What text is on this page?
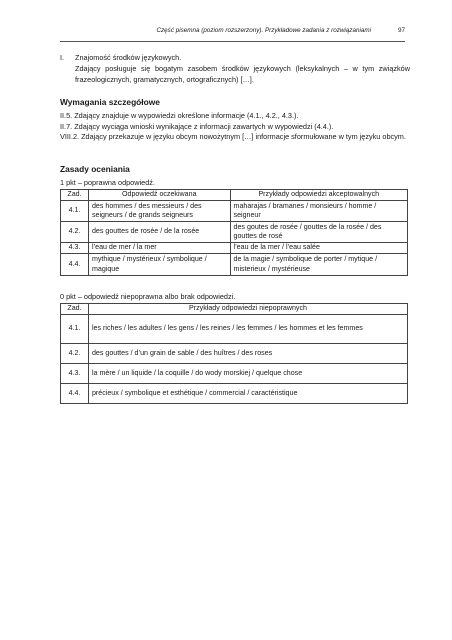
Część pisemna (poziom rozszerzony). Przykładowe zadania z rozwiązaniami	97
I. Znajomość środków językowych.
Zdający posługuje się bogatym zasobem środków językowych (leksykalnych – w tym związków frazeologicznych, gramatycznych, ortograficznych) […].
Wymagania szczegółowe
II.5. Zdający znajduje w wypowiedzi określone informacje (4.1., 4.2., 4.3.).
II.7. Zdający wyciąga wnioski wynikające z informacji zawartych w wypowiedzi (4.4.).
VIII.2. Zdający przekazuje w języku obcym nowożytnym […] informacje sformułowane w tym języku obcym.
Zasady oceniania
1 pkt – poprawna odpowiedź.
Zad.	Odpowiedź oczekiwana	Przykłady odpowiedzi akceptowalnych
4.1.	des hommes / des messieurs / des seigneurs / de grands seigneurs	maharajas / bramanes / monsieurs / homme / seigneur
4.2.	des gouttes de rosée / de la rosée	des goutes de rosée / gouttes de la rosée / des gouttes de rosé
4.3.	l’eau de mer / la mer	l’eau de la mer / l’eau salée
4.4.	mythique / mystérieux / symbolique / magique	de la magie / symbolique de porter / mytique / misterieux / mystérieuse
0 pkt – odpowiedź niepoprawna albo brak odpowiedzi.
Zad.	Przykłady odpowiedzi niepoprawnych
4.1.	les riches / les adultes / les gens / les reines / les femmes / les hommes et les femmes
4.2.	des gouttes / d’un grain de sable / des huîtres / des roses
4.3.	la mère / un liquide / la coquille / do wody morskiej / quelque chose
4.4.	précieux / symbolique et esthétique / commercial / caractéristique
